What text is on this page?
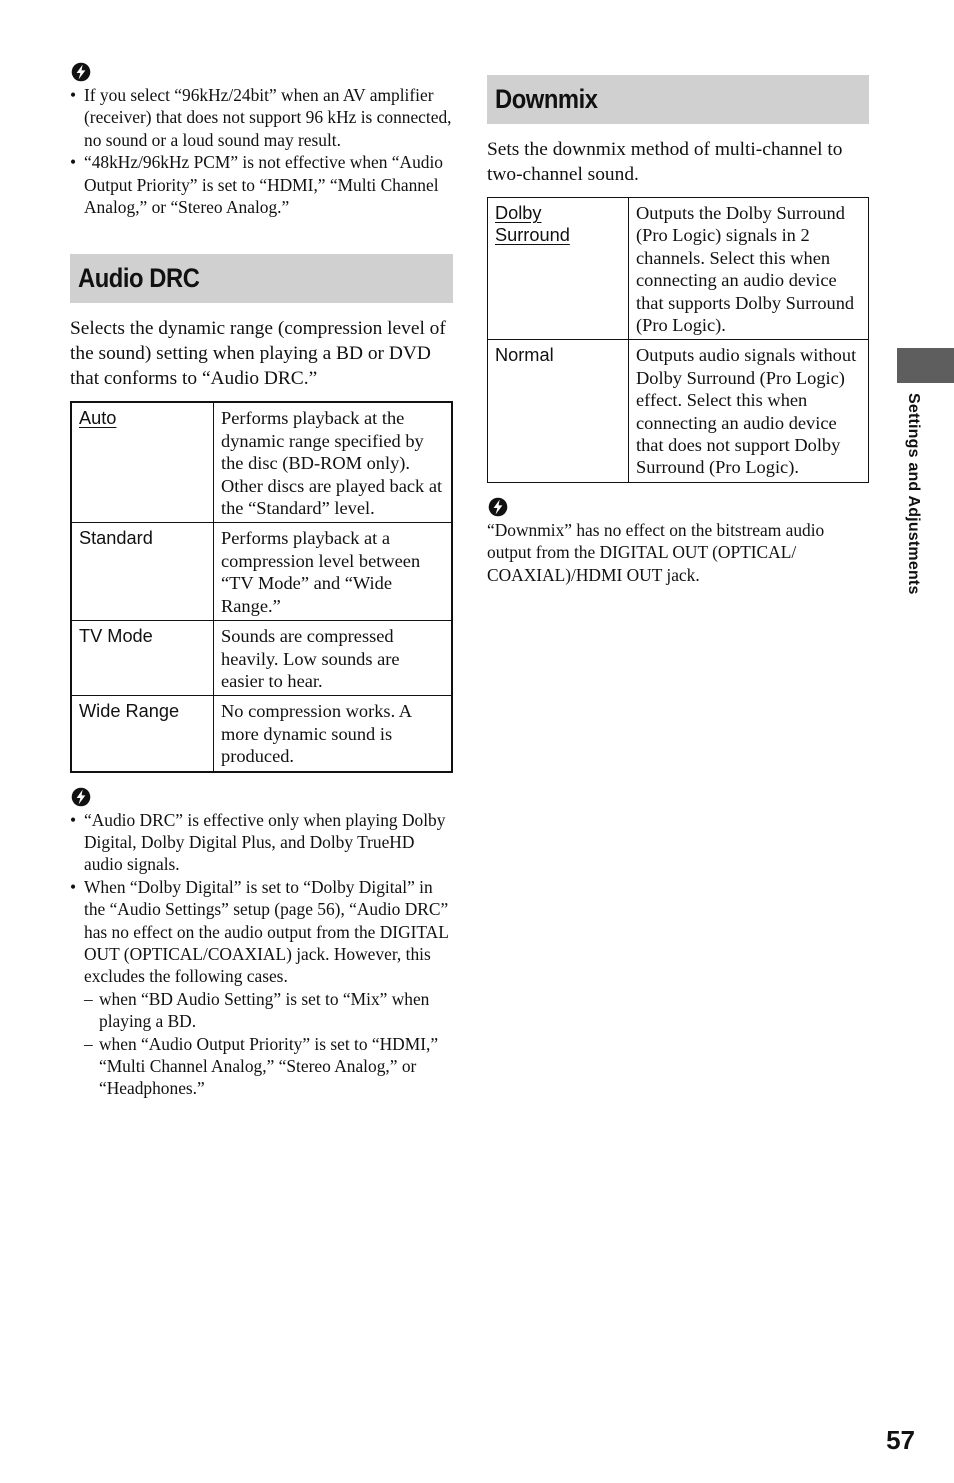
• If you select “96kHz/24bit” when an AV amplifier (receiver) that does not support 96 kHz is connected, no sound or a loud sound may result.
• “48kHz/96kHz PCM” is not effective when “Audio Output Priority” is set to “HDMI,” “Multi Channel Analog,” or “Stereo Analog.”
Audio DRC

Selects the dynamic range (compression level of the sound) setting when playing a BD or DVD that conforms to “Audio DRC.”

Auto	Performs playback at the dynamic range specified by the disc (BD-ROM only). Other discs are played back at the “Standard” level.
Standard	Performs playback at a compression level between “TV Mode” and “Wide Range.”
TV Mode	Sounds are compressed heavily. Low sounds are easier to hear.
Wide Range	No compression works. A more dynamic sound is produced.
• “Audio DRC” is effective only when playing Dolby Digital, Dolby Digital Plus, and Dolby TrueHD audio signals.
• When “Dolby Digital” is set to “Dolby Digital” in the “Audio Settings” setup (page 56), “Audio DRC” has no effect on the audio output from the DIGITAL OUT (OPTICAL/COAXIAL) jack. However, this excludes the following cases.
– when “BD Audio Setting” is set to “Mix” when playing a BD.
– when “Audio Output Priority” is set to “HDMI,” “Multi Channel Analog,” “Stereo Analog,” or “Headphones.”
Downmix

Sets the downmix method of multi-channel to two-channel sound.

Dolby Surround	Outputs the Dolby Surround (Pro Logic) signals in 2 channels. Select this when connecting an audio device that supports Dolby Surround (Pro Logic).
Normal	Outputs audio signals without Dolby Surround (Pro Logic) effect. Select this when connecting an audio device that does not support Dolby Surround (Pro Logic).

“Downmix” has no effect on the bitstream audio output from the DIGITAL OUT (OPTICAL/ COAXIAL)/HDMI OUT jack.	Settings and Adjustments
57
